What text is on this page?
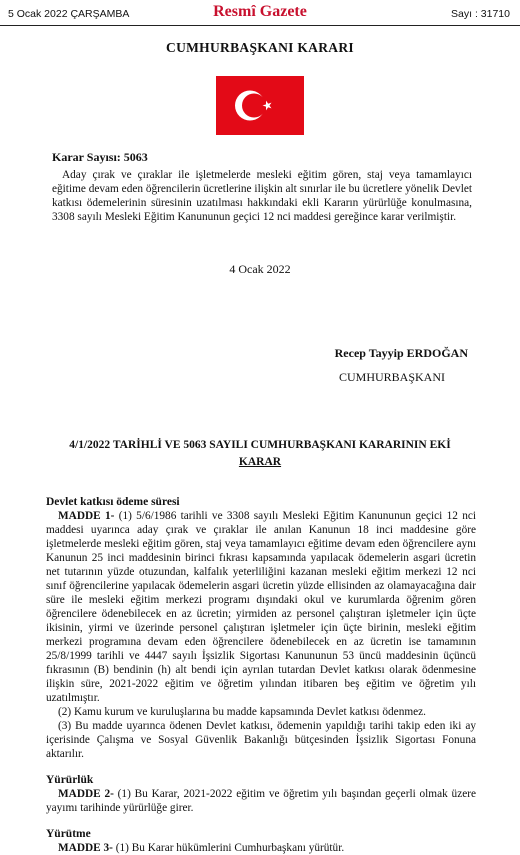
5 Ocak 2022 ÇARŞAMBA	Resmî Gazete	Sayı : 31710
CUMHURBAŞKANI KARARI
Karar Sayısı: 5063

Aday çırak ve çıraklar ile işletmelerde mesleki eğitim gören, staj veya tamamlayıcı eğitime devam eden öğrencilerin ücretlerine ilişkin alt sınırlar ile bu ücretlere yönelik Devlet katkısı ödemelerinin süresinin uzatılması hakkındaki ekli Kararın yürürlüğe konulmasına, 3308 sayılı Mesleki Eğitim Kanununun geçici 12 nci maddesi gereğince karar verilmiştir.

4 Ocak 2022
Recep Tayyip ERDOĞAN
CUMHURBAŞKANI
4/1/2022 TARİHLİ VE 5063 SAYILI CUMHURBAŞKANI KARARININ EKİ
KARAR

Devlet katkısı ödeme süresi

MADDE 1- (1) 5/6/1986 tarihli ve 3308 sayılı Mesleki Eğitim Kanununun geçici 12 nci maddesi uyarınca aday çırak ve çıraklar ile anılan Kanunun 18 inci maddesine göre işletmelerde mesleki eğitim gören, staj veya tamamlayıcı eğitime devam eden öğrencilere aynı Kanunun 25 inci maddesinin birinci fıkrası kapsamında yapılacak ödemelerin asgari ücretin net tutarının yüzde otuzundan, kalfalık yeterliliğini kazanan mesleki eğitim merkezi 12 nci sınıf öğrencilerine yapılacak ödemelerin asgari ücretin yüzde ellisinden az olamayacağına dair süre ile mesleki eğitim merkezi programı dışındaki okul ve kurumlarda öğrenim gören öğrencilere ödenebilecek en az ücretin; yirmiden az personel çalıştıran işletmeler için üçte ikisinin, yirmi ve üzerinde personel çalıştıran işletmeler için üçte birinin, mesleki eğitim merkezi programına devam eden öğrencilere ödenebilecek en az ücretin ise tamamının 25/8/1999 tarihli ve 4447 sayılı İşsizlik Sigortası Kanununun 53 üncü maddesinin üçüncü fıkrasının (B) bendinin (h) alt bendi için ayrılan tutardan Devlet katkısı olarak ödenmesine ilişkin süre, 2021-2022 eğitim ve öğretim yılından itibaren beş eğitim ve öğretim yılı uzatılmıştır.

(2) Kamu kurum ve kuruluşlarına bu madde kapsamında Devlet katkısı ödenmez.

(3) Bu madde uyarınca ödenen Devlet katkısı, ödemenin yapıldığı tarihi takip eden iki ay içerisinde Çalışma ve Sosyal Güvenlik Bakanlığı bütçesinden İşsizlik Sigortası Fonuna aktarılır.

Yürürlük

MADDE 2- (1) Bu Karar, 2021-2022 eğitim ve öğretim yılı başından geçerli olmak üzere yayımı tarihinde yürürlüğe girer.

Yürütme

MADDE 3- (1) Bu Karar hükümlerini Cumhurbaşkanı yürütür.
